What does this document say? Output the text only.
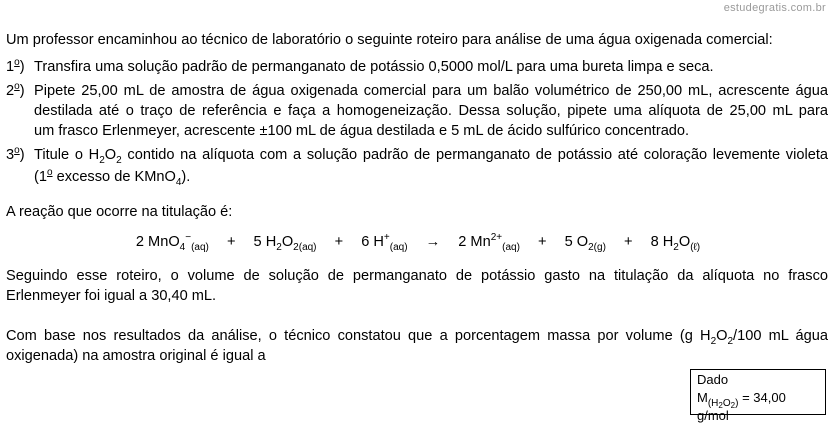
estudegratis.com.br
Um professor encaminhou ao técnico de laboratório o seguinte roteiro para análise de uma água oxigenada comercial:
1$^o$) Transfira uma solução padrão de permanganato de potássio 0,5000 mol/L para uma bureta limpa e seca.
2$^o$) Pipete 25,00 mL de amostra de água oxigenada comercial para um balão volumétrico de 250,00 mL, acrescente água
destilada até o traço de referência e faça a homogeneização. Dessa solução, pipete uma alíquota de 25,00 mL para
um frasco Erlenmeyer, acrescente ±100 mL de água destilada e 5 mL de ácido sulfúrico concentrado.
3$^o$) Titule o $H_2O_2$ contido na alíquota com a solução padrão de permanganato de potássio até coloração levemente violeta
(1$^o$ excesso de KMnO$_4$).
A reação que ocorre na titulação é:
2 MnO$_4$−$_{(aq)}$ + 5 $H_2O_{2(aq)} + 6$ $H^+_{(aq)} \to 2$ $Mn^{2+}_{(aq)} + 5$ $O_{2(g)} + 8$ $H_2O_{(\ell)}$
Seguindo esse roteiro, o volume de solução de permanganato de potássio gasto na titulação da alíquota no frasco
Erlenmeyer foi igual a 30,40 mL.
Com base nos resultados da análise, o técnico constatou que a porcentagem massa por volume (g $H_2O_2/100$ mL água
oxigenada) na amostra original é igual a
Dado
$M_{(H_2O_2)} = 34,00$ g/mol
